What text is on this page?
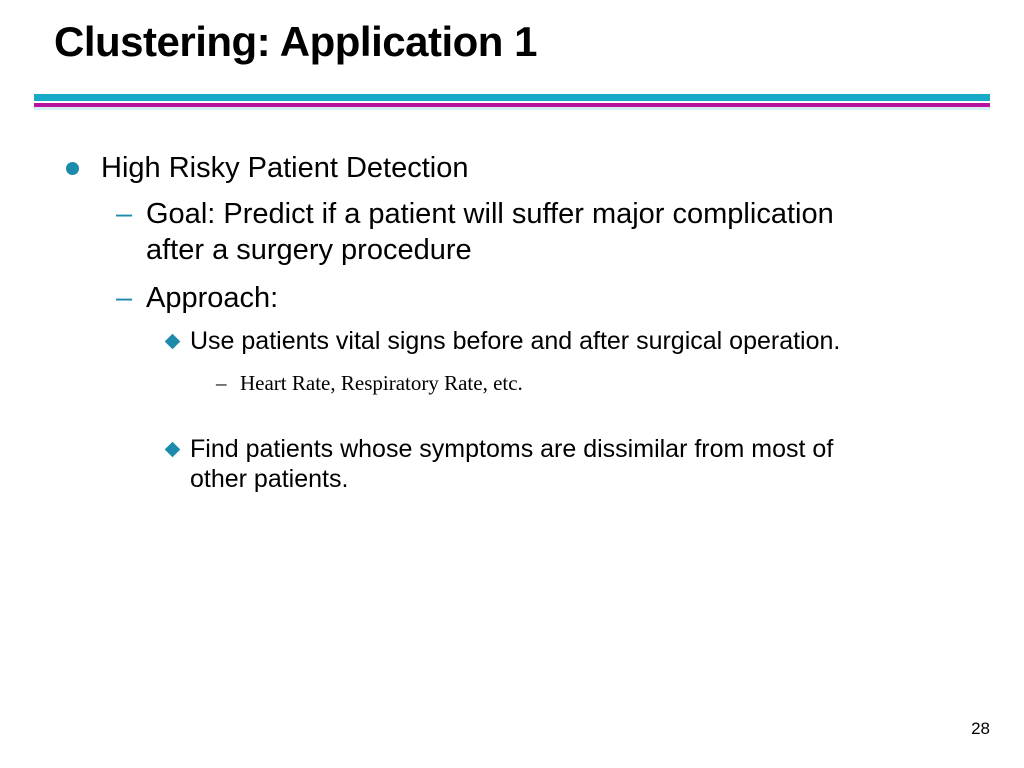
Clustering: Application 1

High Risky Patient Detection

– Goal: Predict if a patient will suffer major complication

after a surgery procedure

– Approach:

Use patients vital signs before and after surgical operation.

– Heart Rate, Respiratory Rate, etc.

Find patients whose symptoms are dissimilar from most of

other patients.

28
